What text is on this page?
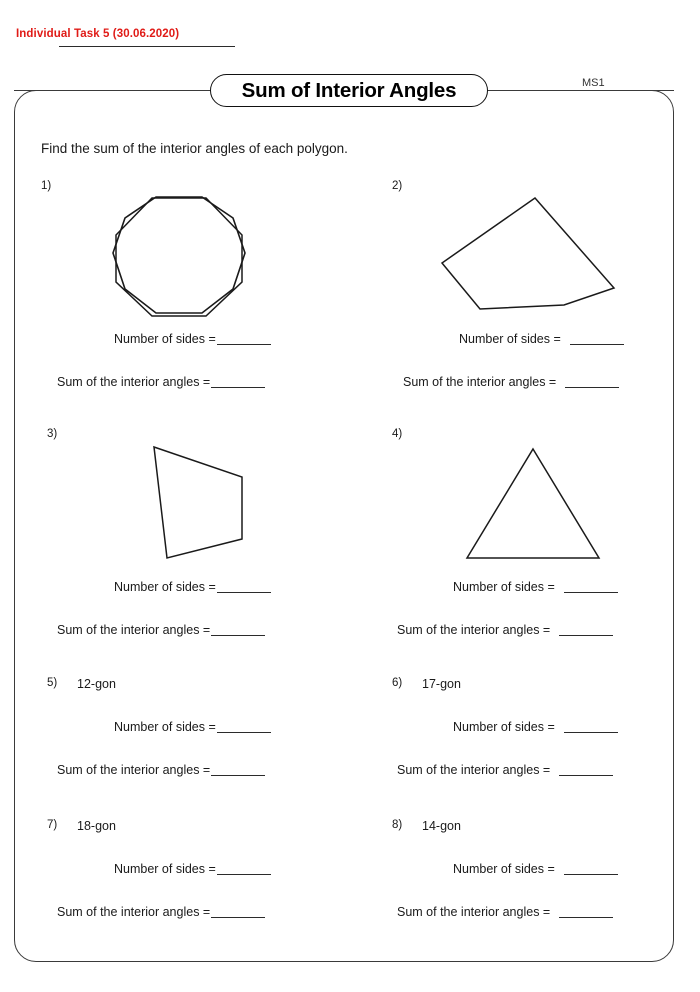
Individual Task 5 (30.06.2020)
Sum of Interior Angles	MS1
Find the sum of the interior angles of each polygon.
1)
Number of sides =
Sum of the interior angles =
2)
Number of sides =
Sum of the interior angles =
3)
Number of sides =
Sum of the interior angles =
4)
Number of sides =
Sum of the interior angles =
5) 12-gon
Number of sides =
Sum of the interior angles =
6) 17-gon
Number of sides =
Sum of the interior angles =
7) 18-gon
Number of sides =
Sum of the interior angles =
8) 14-gon
Number of sides =
Sum of the interior angles =
